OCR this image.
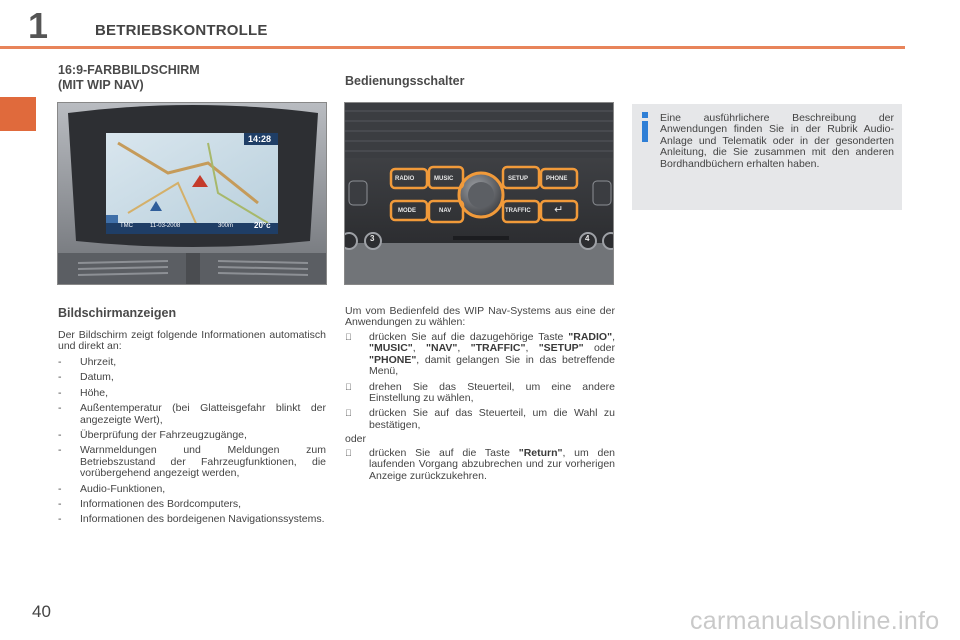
1	BETRIEBSKONTROLLE
16:9-FARBBILDSCHIRM
(MIT WIP NAV)
14:28
TMC	11-03-2008	300m	20°c
Bildschirmanzeigen
Der Bildschirm zeigt folgende Informationen automatisch und direkt an:
- Uhrzeit,
- Datum,
- Höhe,
- Außentemperatur (bei Glatteisgefahr blinkt der angezeigte Wert),
- Überprüfung der Fahrzeugzugänge,
- Warnmeldungen und Meldungen zum Betriebszustand der Fahrzeugfunktionen, die vorübergehend angezeigt werden,
- Audio-Funktionen,
- Informationen des Bordcomputers,
- Informationen des bordeigenen Navigationssystems.
Bedienungsschalter
RADIO	MUSIC	SETUP	PHONE
MODE	NAV	TRAFFIC ↵
3	4
Um vom Bedienfeld des WIP Nav-Systems aus eine der Anwendungen zu wählen:
drücken Sie auf die dazugehörige Taste "RADIO", "MUSIC", "NAV", "TRAFFIC", "SETUP" oder "PHONE", damit gelangen Sie in das betreffende Menü,
drehen Sie das Steuerteil, um eine andere Einstellung zu wählen,
drücken Sie auf das Steuerteil, um die Wahl zu bestätigen,
oder
drücken Sie auf die Taste "Return", um den laufenden Vorgang abzubrechen und zur vorherigen Anzeige zurückzukehren.
Eine ausführlichere Beschreibung der Anwendungen finden Sie in der Rubrik Audio-Anlage und Telematik oder in der gesonderten Anleitung, die Sie zusammen mit den anderen Bordhandbüchern erhalten haben.
40	carmanualsonline.info
